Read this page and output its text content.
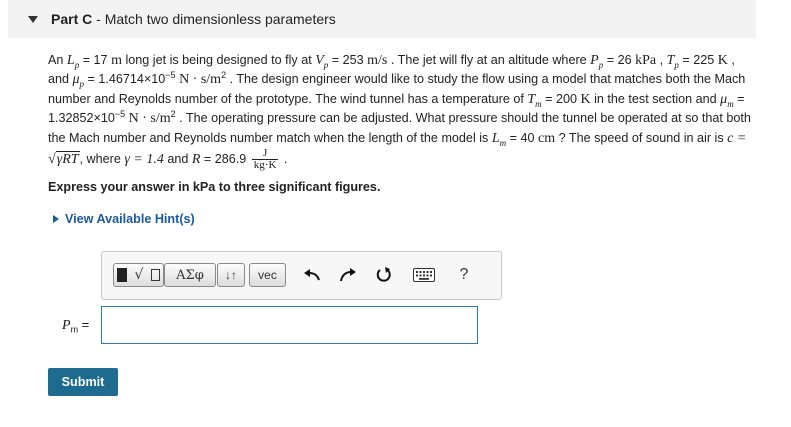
Part C - Match two dimensionless parameters
An $L_p = 17$ m long jet is being designed to fly at $V_p = 253$ m/s . The jet will fly at an altitude where $P_p = 26$ kPa , $T_p = 225$ K , and $\mu_p = 1.46714\times 10^{-5}$ $N \cdot s/m^2$ . The design engineer would like to study the flow using a model that matches both the Mach number and Reynolds number of the prototype. The wind tunnel has a temperature of $T_m = 200$ K in the test section and $\mu_m = 1.32852\times 10^{-5}$ $N \cdot s/m^2$ . The operating pressure can be adjusted. What pressure should the tunnel be operated at so that both the Mach number and Reynolds number match when the length of the model is $L_m = 40$ cm ? The speed of sound in air is c = √γRT, where γ = 1.4 and $R = 286.9 \frac{J}{kg\cdot K}$ .
Express your answer in kPa to three significant figures.
View Available Hint(s)
√	ΑΣφ	↓↑	vec	?
$P_m$ =
Submit
